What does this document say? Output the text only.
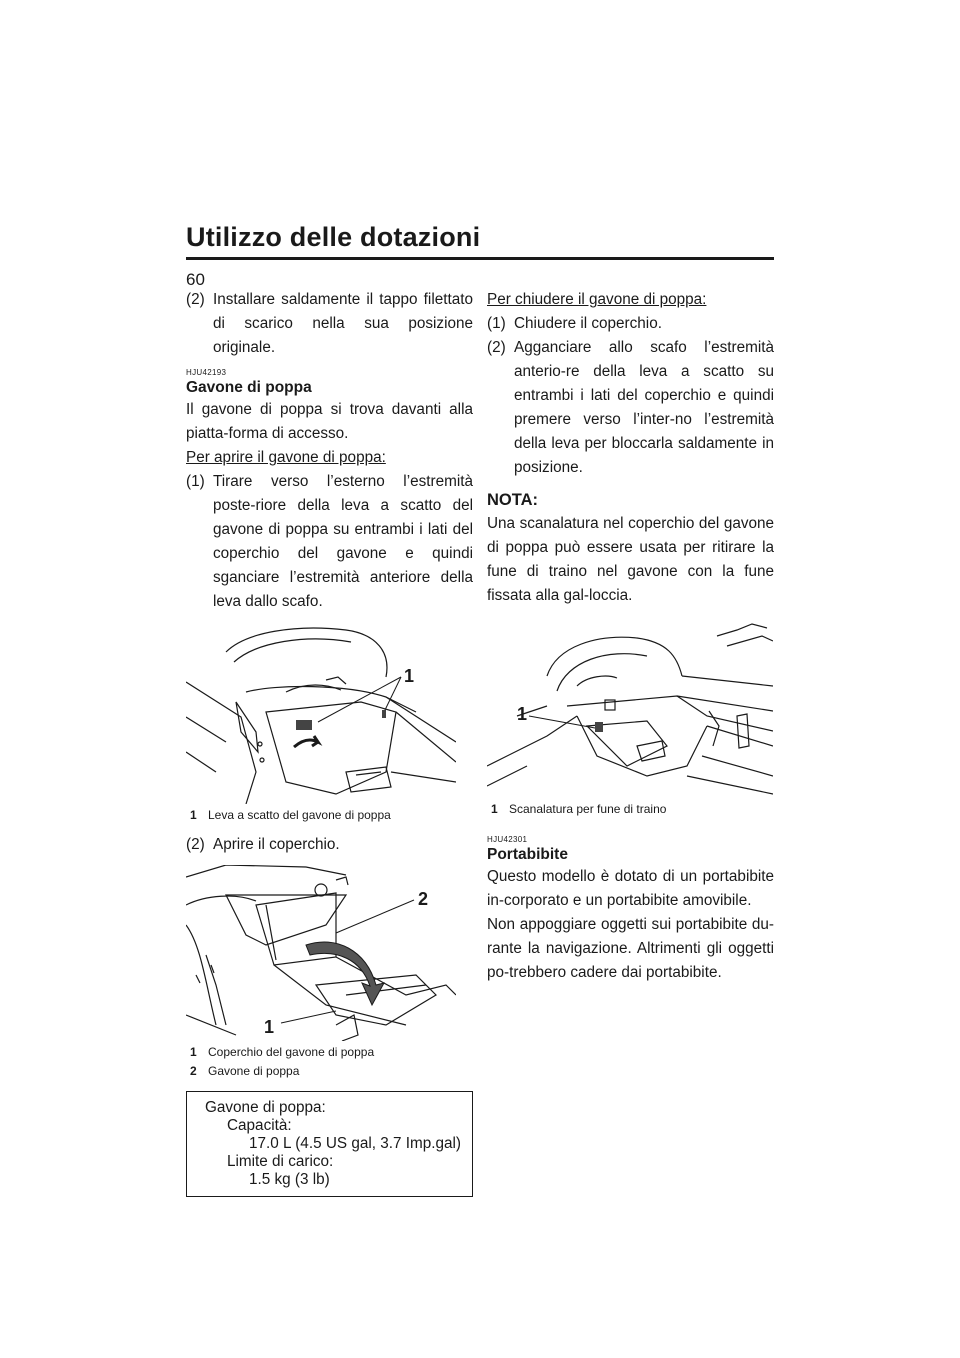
Utilizzo delle dotazioni
60
(2) Installare saldamente il tappo filettato di scarico nella sua posizione originale.
HJU42193
Gavone di poppa

Il gavone di poppa si trova davanti alla piatta-forma di accesso.

Per aprire il gavone di poppa:
(1) Tirare verso l’esterno l’estremità poste-riore della leva a scatto del gavone di poppa su entrambi i lati del coperchio del gavone e quindi sganciare l’estremità anteriore della leva dallo scafo.
1
1 Leva a scatto del gavone di poppa
(2) Aprire il coperchio.
2
1
1 Coperchio del gavone di poppa
2 Gavone di poppa
Gavone di poppa:
Capacità:
17.0 L (4.5 US gal, 3.7 Imp.gal)
Limite di carico:
1.5 kg (3 lb)
Per chiudere il gavone di poppa:
(1) Chiudere il coperchio.
(2) Agganciare allo scafo l’estremità anterio-re della leva a scatto su entrambi i lati del coperchio e quindi premere verso l’inter-no l’estremità della leva per bloccarla saldamente in posizione.
NOTA:

Una scanalatura nel coperchio del gavone di poppa può essere usata per ritirare la fune di traino nel gavone con la fune fissata alla gal-loccia.

1
1 Scanalatura per fune di traino
HJU42301
Portabibite

Questo modello è dotato di un portabibite in-corporato e un portabibite amovibile.

Non appoggiare oggetti sui portabibite du-rante la navigazione. Altrimenti gli oggetti po-trebbero cadere dai portabibite.
